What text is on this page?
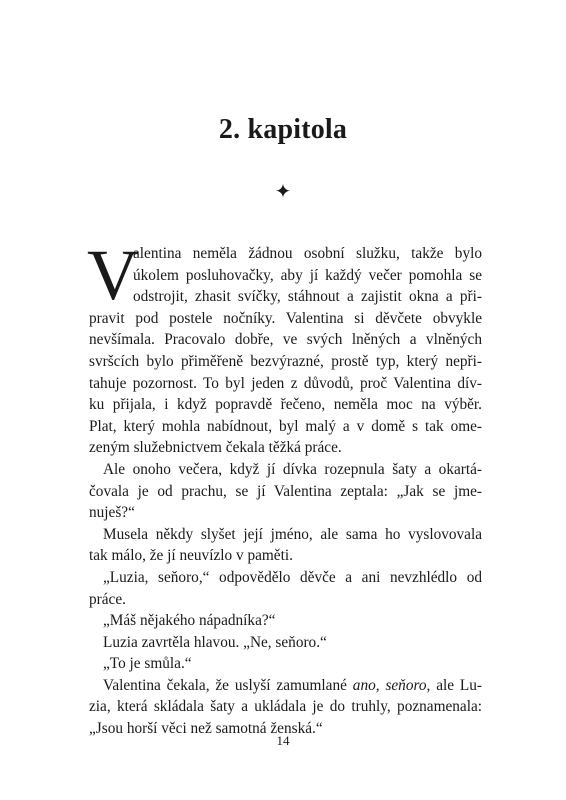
2. kapitola
✦
V
alentina neměla žádnou osobní služku, takže bylo
úkolem posluhovačky, aby jí každý večer pomohla se
odstrojit, zhasit svíčky, stáhnout a zajistit okna a při-
pravit pod postele nočníky. Valentina si děvčete obvykle
nevšímala. Pracovalo dobře, ve svých lněných a vlněných
svršcích bylo přiměřeně bezvýrazné, prostě typ, který nepři-
tahuje pozornost. To byl jeden z důvodů, proč Valentina dív-
ku přijala, i když popravdě řečeno, neměla moc na výběr.
Plat, který mohla nabídnout, byl malý a v domě s tak ome-
zeným služebnictvem čekala těžká práce.
Ale onoho večera, když jí dívka rozepnula šaty a okartá-
čovala je od prachu, se jí Valentina zeptala: „Jak se jme-
nuješ?“
Musela někdy slyšet její jméno, ale sama ho vyslovovala
tak málo, že jí neuvízlo v paměti.
„Luzia, seňoro,“ odpovědělo děvče a ani nevzhlédlo od
práce.
„Máš nějakého nápadníka?“
Luzia zavrtěla hlavou. „Ne, seňoro.“
„To je smůla.“
Valentina čekala, že uslyší zamumlané ano, seňoro, ale Lu-
zia, která skládala šaty a ukládala je do truhly, poznamenala:
„Jsou horší věci než samotná ženská.“
14
